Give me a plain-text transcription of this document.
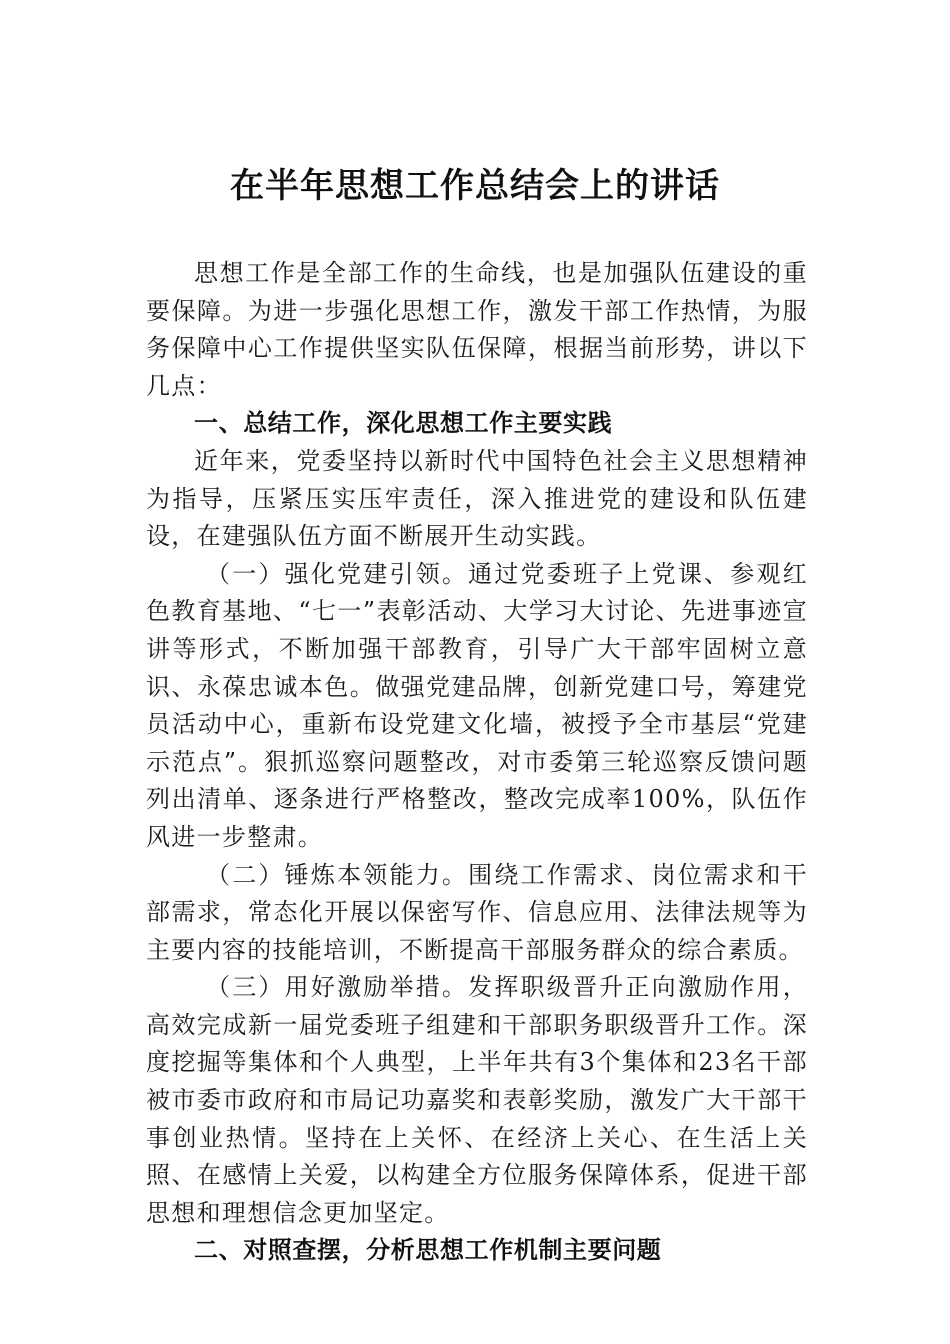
在半年思想工作总结会上的讲话

思想工作是全部工作的生命线，也是加强队伍建设的重要保障。为进一步强化思想工作，激发干部工作热情，为服务保障中心工作提供坚实队伍保障，根据当前形势，讲以下几点：

一、总结工作，深化思想工作主要实践

近年来，党委坚持以新时代中国特色社会主义思想精神为指导，压紧压实压牢责任，深入推进党的建设和队伍建设，在建强队伍方面不断展开生动实践。

（一）强化党建引领。通过党委班子上党课、参观红色教育基地、“七一”表彰活动、大学习大讨论、先进事迹宣讲等形式，不断加强干部教育，引导广大干部牢固树立意识、永葆忠诚本色。做强党建品牌，创新党建口号，筹建党员活动中心，重新布设党建文化墙，被授予全市基层“党建示范点”。狠抓巡察问题整改，对市委第三轮巡察反馈问题列出清单、逐条进行严格整改，整改完成率100%，队伍作风进一步整肃。

（二）锤炼本领能力。围绕工作需求、岗位需求和干部需求，常态化开展以保密写作、信息应用、法律法规等为主要内容的技能培训，不断提高干部服务群众的综合素质。

（三）用好激励举措。发挥职级晋升正向激励作用，高效完成新一届党委班子组建和干部职务职级晋升工作。深度挖掘等集体和个人典型，上半年共有3个集体和23名干部被市委市政府和市局记功嘉奖和表彰奖励，激发广大干部干事创业热情。坚持在上关怀、在经济上关心、在生活上关照、在感情上关爱，以构建全方位服务保障体系，促进干部思想和理想信念更加坚定。

二、对照查摆，分析思想工作机制主要问题
